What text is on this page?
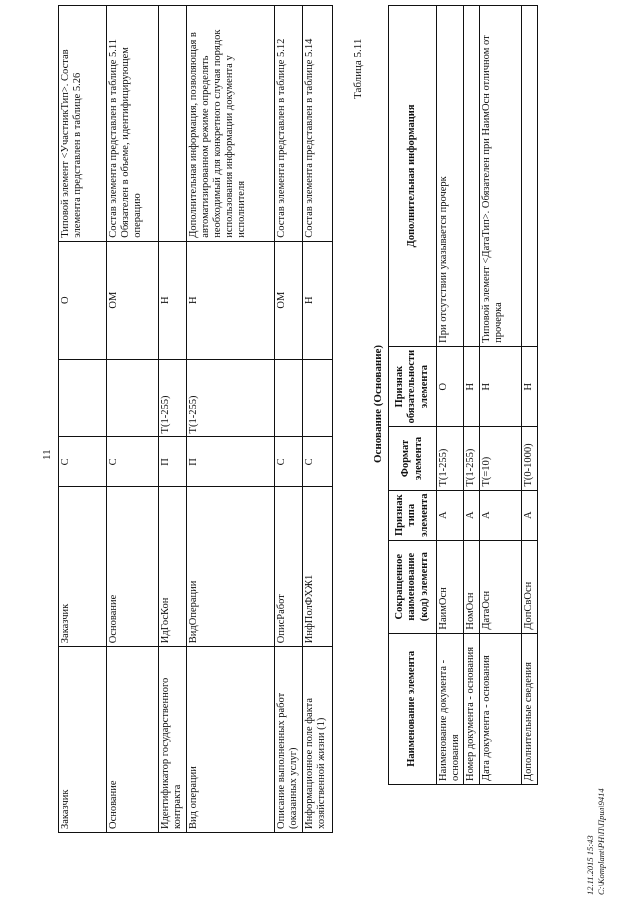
11
Заказчик	Заказчик	С		О	Типовой элемент <УчастникТип>. Состав элемента представлен в таблице 5.26
Основание	Основание	С		ОМ	Состав элемента представлен в таблице 5.11 Обязателен в объеме, идентифицирующем операцию
Идентификатор государственного контракта	ИдГосКон	П	T(1-255)	Н	
Вид операции	ВидОперации	П	T(1-255)	Н	Дополнительная информация, позволяющая в автоматизированном режиме определять необходимый для конкретного случая порядок использования информации документа у исполнителя
Описание выполненных работ (оказанных услуг)	ОписРабот	С		ОМ	Состав элемента представлен в таблице 5.12
Информационное поле факта хозяйственной жизни (1)	ИнфПолФХЖ1	С		Н	Состав элемента представлен в таблице 5.14	Таблица 5.11
Основание (Основание)
Наименование элемента	Сокращенное наименование (код) элемента	Признак типа элемента	Формат элемента	Признак обязательности элемента	Дополнительная информация
Наименование документа - основания	НаимОсн	А	T(1-255)	О	При отсутствии указывается прочерк
Номер документа - основания	НомОсн	А	T(1-255)	Н	
Дата документа - основания	ДатаОсн	А	T(=10)	Н	Типовой элемент <ДатаТип>. Обязателен при НаимОсн отличном от прочерка
Дополнительные сведения	ДопСвОсн	А	T(0-1000)	Н	
12.11.2015 15:43 C:\Komplant\РН\П\Прил\9414
